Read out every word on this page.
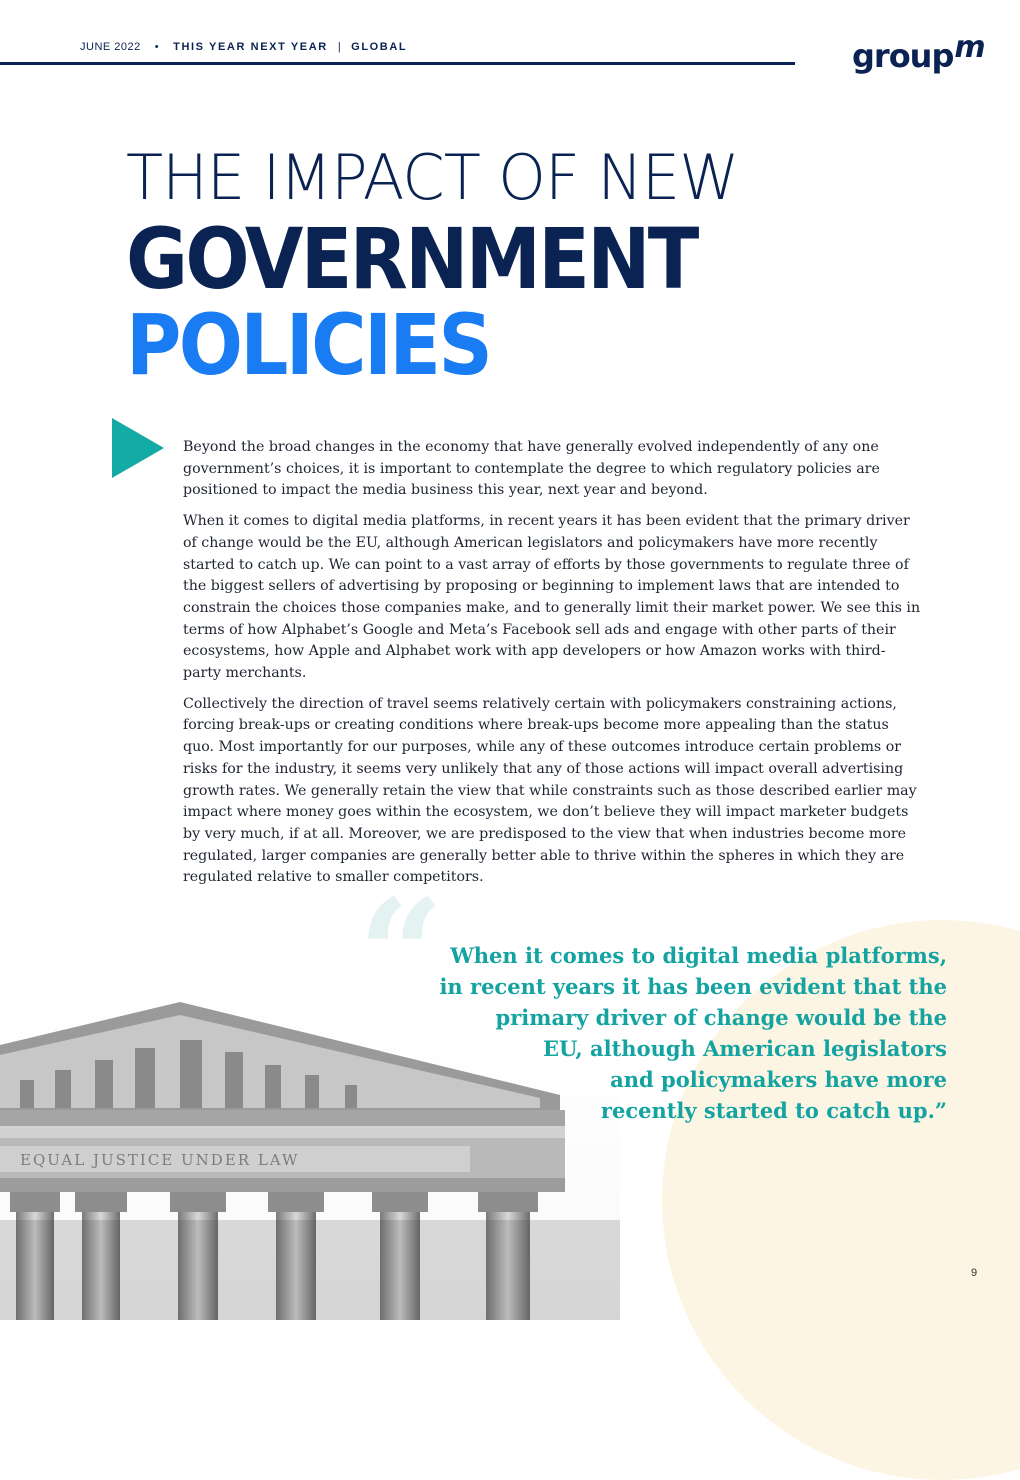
JUNE 2022 • THIS YEAR NEXT YEAR | GLOBAL	groupm
THE IMPACT OF NEW
GOVERNMENT
POLICIES

Beyond the broad changes in the economy that have generally evolved independently of any one government’s choices, it is important to contemplate the degree to which regulatory policies are positioned to impact the media business this year, next year and beyond.

When it comes to digital media platforms, in recent years it has been evident that the primary driver of change would be the EU, although American legislators and policymakers have more recently started to catch up. We can point to a vast array of efforts by those governments to regulate three of the biggest sellers of advertising by proposing or beginning to implement laws that are intended to constrain the choices those companies make, and to generally limit their market power. We see this in terms of how Alphabet’s Google and Meta’s Facebook sell ads and engage with other parts of their ecosystems, how Apple and Alphabet work with app developers or how Amazon works with third-party merchants.

Collectively the direction of travel seems relatively certain with policymakers constraining actions, forcing break-ups or creating conditions where break-ups become more appealing than the status quo. Most importantly for our purposes, while any of these outcomes introduce certain problems or risks for the industry, it seems very unlikely that any of those actions will impact overall advertising growth rates. We generally retain the view that while constraints such as those described earlier may impact where money goes within the ecosystem, we don’t believe they will impact marketer budgets by very much, if at all. Moreover, we are predisposed to the view that when industries become more regulated, larger companies are generally better able to thrive within the spheres in which they are regulated relative to smaller competitors.

EQUAL JUSTICE UNDER LAW
“ When it comes to digital media platforms,
in recent years it has been evident that the
primary driver of change would be the
EU, although American legislators
and policymakers have more
recently started to catch up.”
9
